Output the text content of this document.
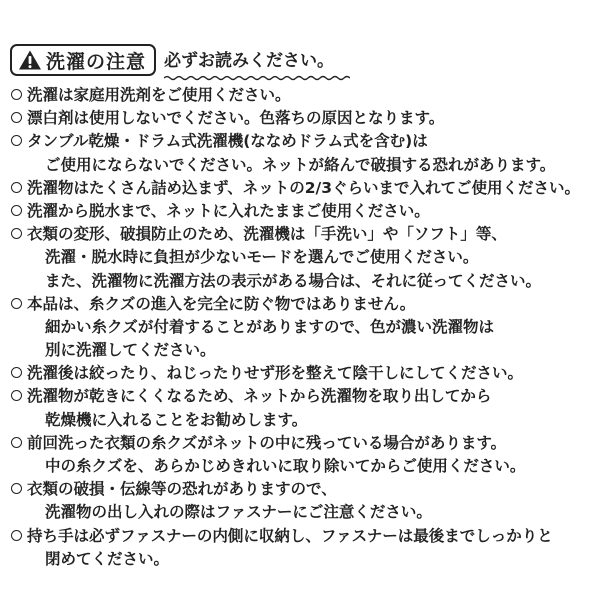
洗濯の注意 必ずお読みください。
洗濯は家庭用洗剤をご使用ください。
漂白剤は使用しないでください。色落ちの原因となります。
タンブル乾燥・ドラム式洗濯機(ななめドラム式を含む)は
ご使用にならないでください。ネットが絡んで破損する恐れがあります。
洗濯物はたくさん詰め込まず、ネットの2/3ぐらいまで入れてご使用ください。
洗濯から脱水まで、ネットに入れたままご使用ください。
衣類の変形、破損防止のため、洗濯機は「手洗い」や「ソフト」等、
洗濯・脱水時に負担が少ないモードを選んでご使用ください。
また、洗濯物に洗濯方法の表示がある場合は、それに従ってください。
本品は、糸クズの進入を完全に防ぐ物ではありません。
細かい糸クズが付着することがありますので、色が濃い洗濯物は
別に洗濯してください。
洗濯後は絞ったり、ねじったりせず形を整えて陰干しにしてください。
洗濯物が乾きにくくなるため、ネットから洗濯物を取り出してから
乾燥機に入れることをお勧めします。
前回洗った衣類の糸クズがネットの中に残っている場合があります。
中の糸クズを、あらかじめきれいに取り除いてからご使用ください。
衣類の破損・伝線等の恐れがありますので、
洗濯物の出し入れの際はファスナーにご注意ください。
持ち手は必ずファスナーの内側に収納し、ファスナーは最後までしっかりと
閉めてください。
